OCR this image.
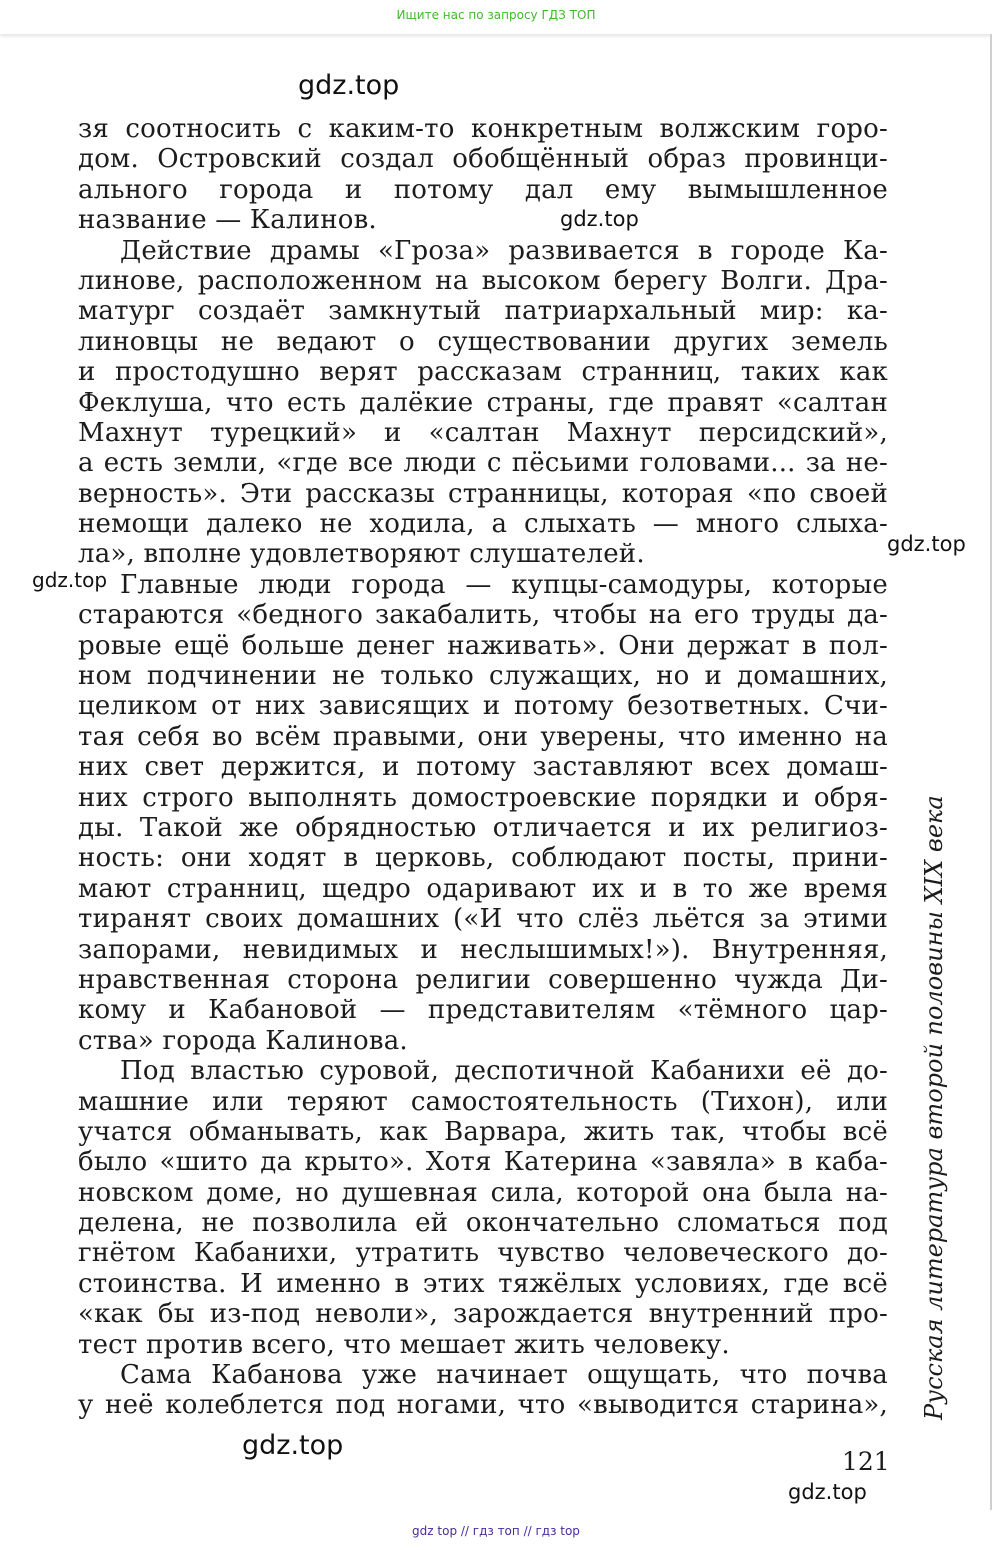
Ищите нас по запросу ГДЗ ТОП
gdz.top
gdz.top
gdz.top
gdz.top
gdz.top
gdz.top
зя соотносить с каким-то конкретным волжским горо-
дом. Островский создал обобщённый образ провинци-
ального города и потому дал ему вымышленное
название — Калинов.
Действие драмы «Гроза» развивается в городе Ка-
линове, расположенном на высоком берегу Волги. Дра-
матург создаёт замкнутый патриархальный мир: ка-
линовцы не ведают о существовании других земель
и простодушно верят рассказам странниц, таких как
Феклуша, что есть далёкие страны, где правят «салтан
Махнут турецкий» и «салтан Махнут персидский»,
а есть земли, «где все люди с пёсьими головами... за не-
верность». Эти рассказы странницы, которая «по своей
немощи далеко не ходила, а слыхать — много слыха-
ла», вполне удовлетворяют слушателей.
Главные люди города — купцы-самодуры, которые
стараются «бедного закабалить, чтобы на его труды да-
ровые ещё больше денег наживать». Они держат в пол-
ном подчинении не только служащих, но и домашних,
целиком от них зависящих и потому безответных. Счи-
тая себя во всём правыми, они уверены, что именно на
них свет держится, и потому заставляют всех домаш-
них строго выполнять домостроевские порядки и обря-
ды. Такой же обрядностью отличается и их религиоз-
ность: они ходят в церковь, соблюдают посты, прини-
мают странниц, щедро одаривают их и в то же время
тиранят своих домашних («И что слёз льётся за этими
запорами, невидимых и неслышимых!»). Внутренняя,
нравственная сторона религии совершенно чужда Ди-
кому и Кабановой — представителям «тёмного цар-
ства» города Калинова.
Под властью суровой, деспотичной Кабанихи её до-
машние или теряют самостоятельность (Тихон), или
учатся обманывать, как Варвара, жить так, чтобы всё
было «шито да крыто». Хотя Катерина «завяла» в каба-
новском доме, но душевная сила, которой она была на-
делена, не позволила ей окончательно сломаться под
гнётом Кабанихи, утратить чувство человеческого до-
стоинства. И именно в этих тяжёлых условиях, где всё
«как бы из-под неволи», зарождается внутренний про-
тест против всего, что мешает жить человеку.
Сама Кабанова уже начинает ощущать, что почва
у неё колеблется под ногами, что «выводится старина», Русская литература второй половины XIX века
121
gdz top // гдз топ // гдз top
